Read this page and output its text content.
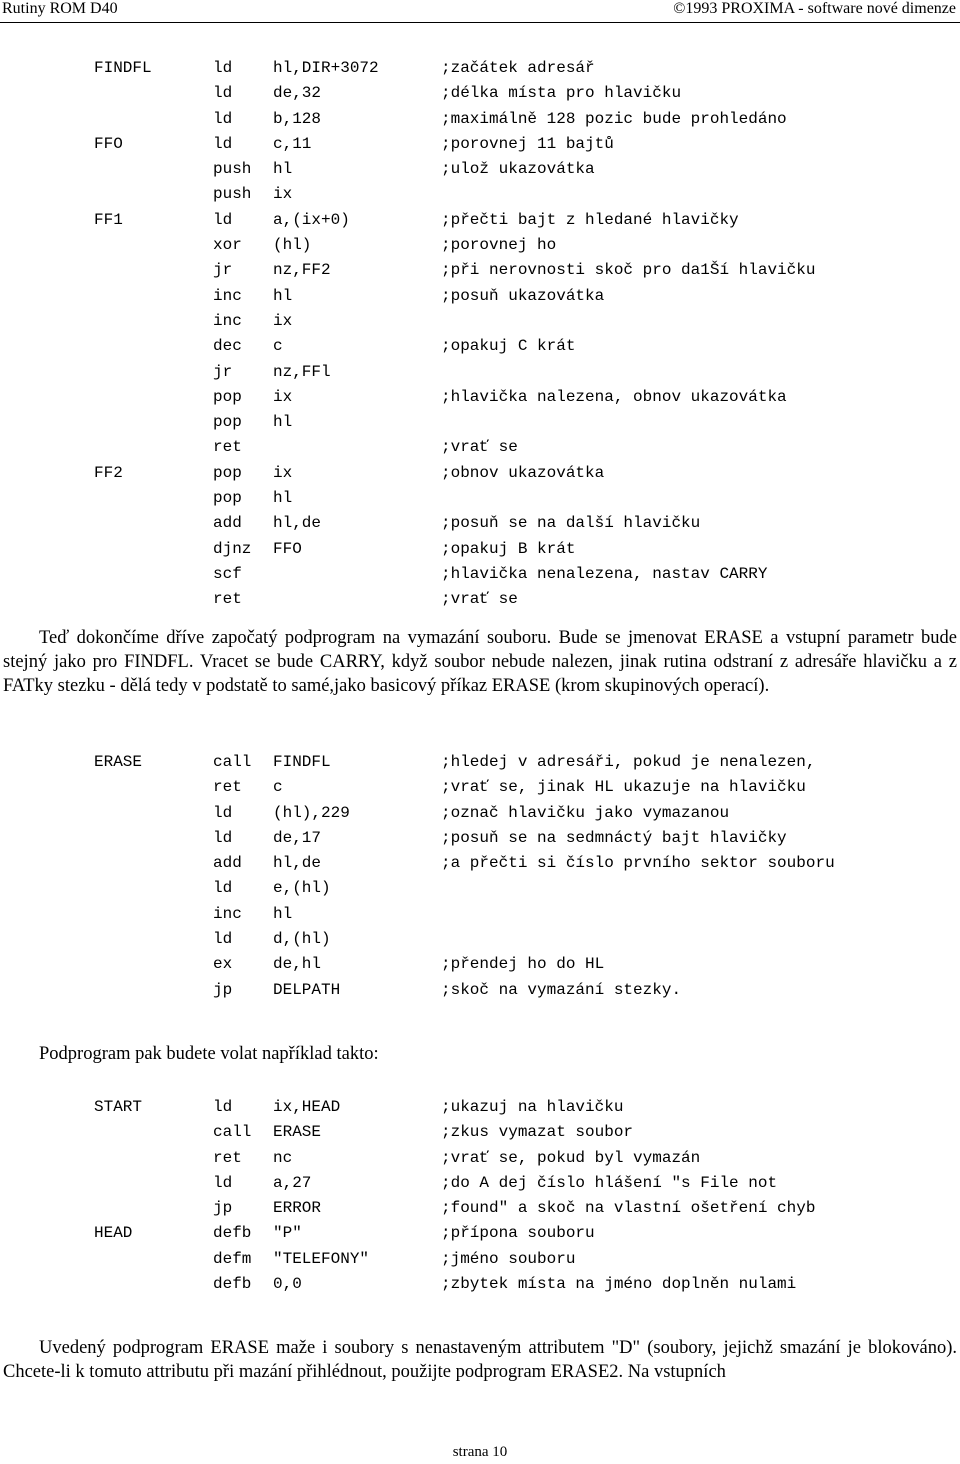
Rutiny ROM D40	©1993 PROXIMA - software nové dimenze
FINDFL	ld	hl,DIR+3072	;začátek adresář
ld	de,32	;délka místa pro hlavičku
ld	b,128	;maximálně 128 pozic bude prohledáno
FFO	ld	c,11	;porovnej 11 bajtů
push hl	;ulož ukazovátka
push ix
FF1	ld	a,(ix+0)	;přečti bajt z hledané hlavičky
xor (hl)	;porovnej ho
jr	nz,FF2	;při nerovnosti skoč pro da1Ší hlavičku
inc hl	;posuň ukazovátka
inc ix
dec c	;opakuj C krát
jr	nz,FFl
pop ix	;hlavička nalezena, obnov ukazovátka
pop hl
ret	;vrať se
FF2	pop ix	;obnov ukazovátka
pop hl
add hl,de	;posuň se na další hlavičku
djnz FFO	;opakuj B krát
scf	;hlavička nenalezena, nastav CARRY
ret	;vrať se

Teď dokončíme dříve započatý podprogram na vymazání souboru. Bude se jmenovat ERASE a vstupní parametr bude stejný jako pro FINDFL. Vracet se bude CARRY, když soubor nebude nalezen, jinak rutina odstraní z adresáře hlavičku a z FATky stezku - dělá tedy v podstatě to samé,jako basicový příkaz ERASE (krom skupinových operací).

ERASE	call FINDFL	;hledej v adresáři, pokud je nenalezen,
ret c	;vrať se, jinak HL ukazuje na hlavičku
ld	(hl),229	;označ hlavičku jako vymazanou
ld	de,17	;posuň se na sedmnáctý bajt hlavičky
add hl,de	;a přečti si číslo prvního sektor souboru
ld	e,(hl)
inc hl
ld	d,(hl)
ex	de,hl	;přendej ho do HL
jp	DELPATH	;skoč na vymazání stezky.

Podprogram pak budete volat například takto:

START	ld	ix,HEAD	;ukazuj na hlavičku
call ERASE	;zkus vymazat soubor
ret nc	;vrať se, pokud byl vymazán
ld	a,27	;do A dej číslo hlášení "s File not
jp	ERROR	;found" a skoč na vlastní ošetření chyb
HEAD	defb "P"	;přípona souboru
defm "TELEFONY"	;jméno souboru
defb 0,0	;zbytek místa na jméno doplněn nulami

Uvedený podprogram ERASE maže i soubory s nenastaveným attributem "D" (soubory, jejichž smazání je blokováno). Chcete-li k tomuto attributu při mazání přihlédnout, použijte podprogram ERASE2. Na vstupních

strana 10
